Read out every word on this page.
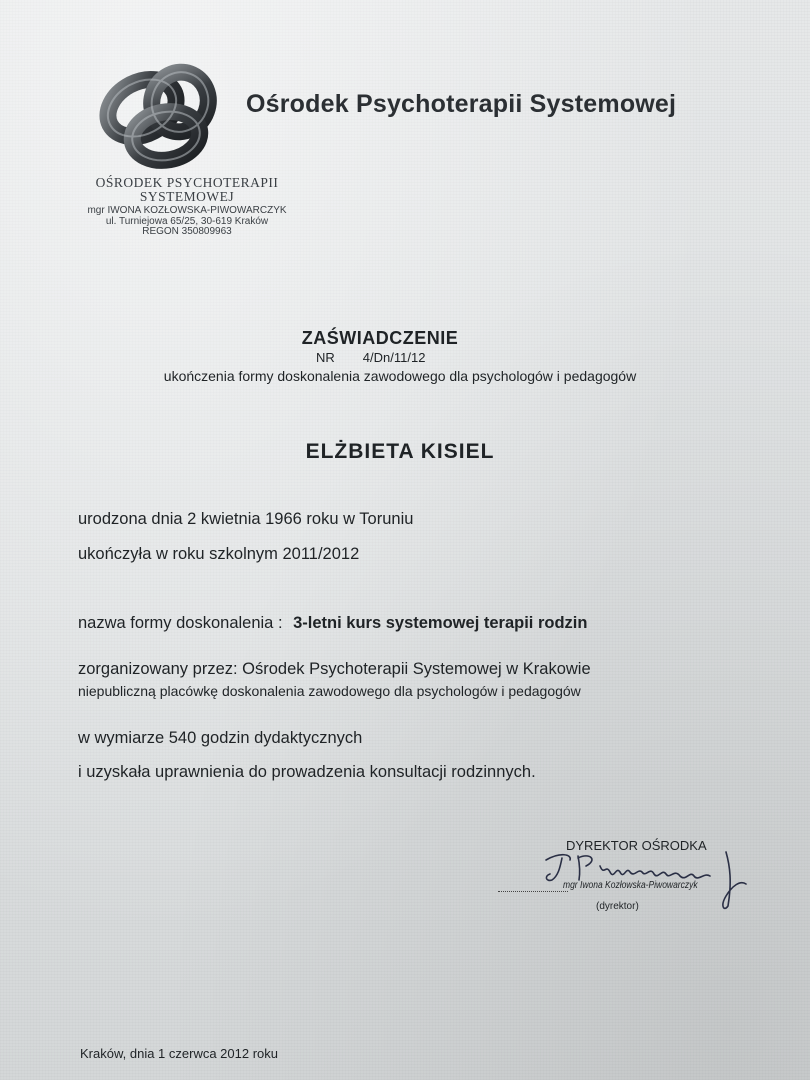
Ośrodek Psychoterapii Systemowej
OŚRODEK PSYCHOTERAPII
SYSTEMOWEJ
mgr IWONA KOZŁOWSKA-PIWOWARCZYK
ul. Turniejowa 65/25, 30-619 Kraków
REGON 350809963
ZAŚWIADCZENIE
NR 4/Dn/11/12
ukończenia formy doskonalenia zawodowego dla psychologów i pedagogów
ELŻBIETA KISIEL
urodzona dnia 2 kwietnia 1966 roku w Toruniu
ukończyła w roku szkolnym 2011/2012
nazwa formy doskonalenia : 3-letni kurs systemowej terapii rodzin
zorganizowany przez: Ośrodek Psychoterapii Systemowej w Krakowie
niepubliczną placówkę doskonalenia zawodowego dla psychologów i pedagogów
w wymiarze 540 godzin dydaktycznych
i uzyskała uprawnienia do prowadzenia konsultacji rodzinnych.
DYREKTOR OŚRODKA
mgr Iwona Kozłowska-Piwowarczyk
(dyrektor)
Kraków, dnia 1 czerwca 2012 roku
